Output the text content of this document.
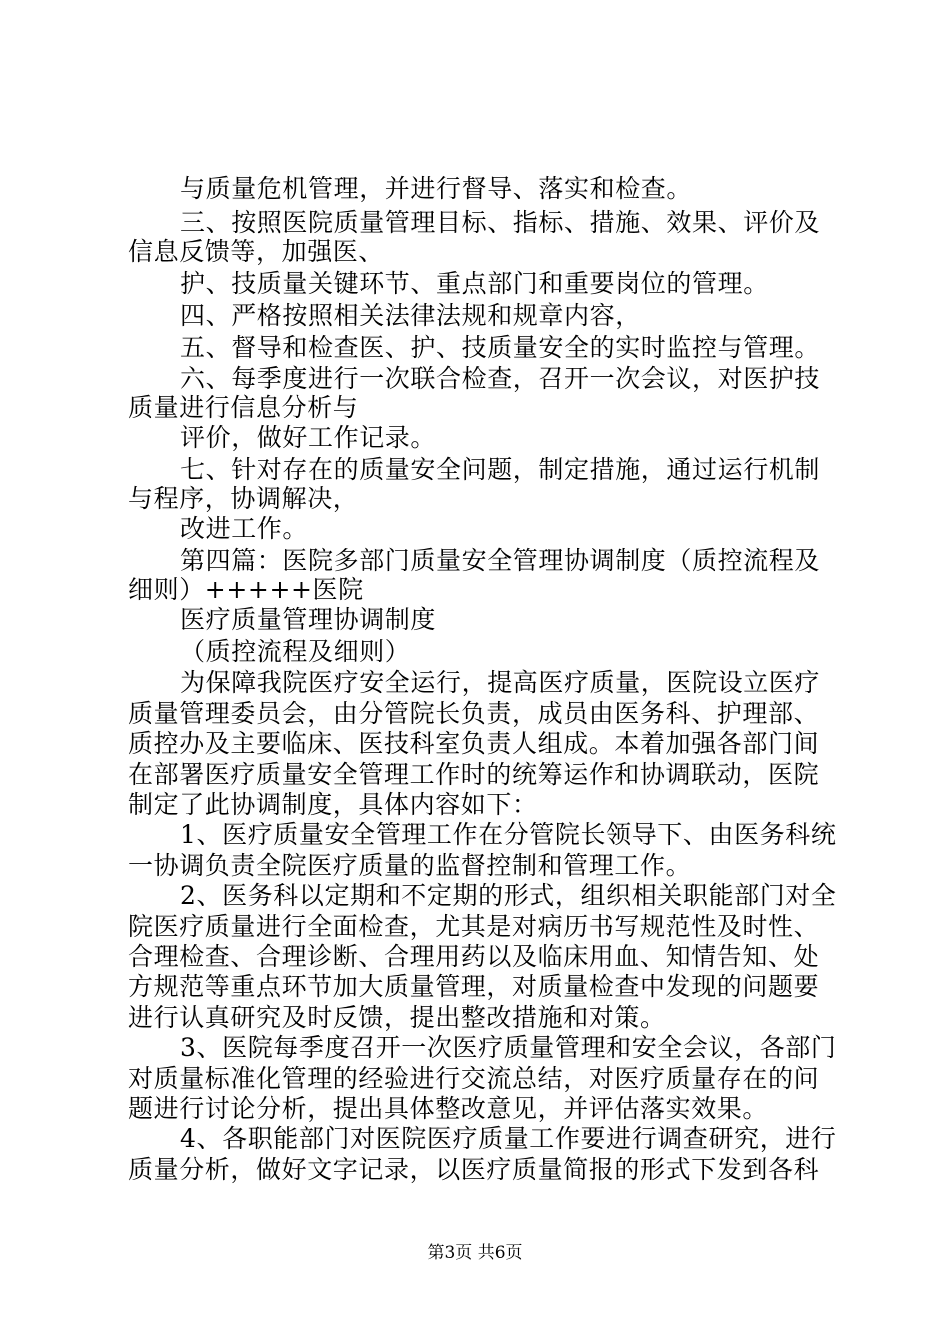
与质量危机管理，并进行督导、落实和检查。
三、按照医院质量管理目标、指标、措施、效果、评价及
信息反馈等，加强医、
护、技质量关键环节、重点部门和重要岗位的管理。
四、严格按照相关法律法规和规章内容，
五、督导和检查医、护、技质量安全的实时监控与管理。
六、每季度进行一次联合检查，召开一次会议，对医护技
质量进行信息分析与
评价，做好工作记录。
七、针对存在的质量安全问题，制定措施，通过运行机制
与程序，协调解决，
改进工作。
第四篇：医院多部门质量安全管理协调制度（质控流程及
细则）+++++医院
医疗质量管理协调制度
（质控流程及细则）
为保障我院医疗安全运行，提高医疗质量，医院设立医疗
质量管理委员会，由分管院长负责，成员由医务科、护理部、
质控办及主要临床、医技科室负责人组成。本着加强各部门间
在部署医疗质量安全管理工作时的统筹运作和协调联动，医院
制定了此协调制度，具体内容如下：
1、医疗质量安全管理工作在分管院长领导下、由医务科统
一协调负责全院医疗质量的监督控制和管理工作。
2、医务科以定期和不定期的形式，组织相关职能部门对全
院医疗质量进行全面检查，尤其是对病历书写规范性及时性、
合理检查、合理诊断、合理用药以及临床用血、知情告知、处
方规范等重点环节加大质量管理，对质量检查中发现的问题要
进行认真研究及时反馈，提出整改措施和对策。
3、医院每季度召开一次医疗质量管理和安全会议，各部门
对质量标准化管理的经验进行交流总结，对医疗质量存在的问
题进行讨论分析，提出具体整改意见，并评估落实效果。
4、各职能部门对医院医疗质量工作要进行调查研究，进行
质量分析，做好文字记录，以医疗质量简报的形式下发到各科
第3页 共6页
